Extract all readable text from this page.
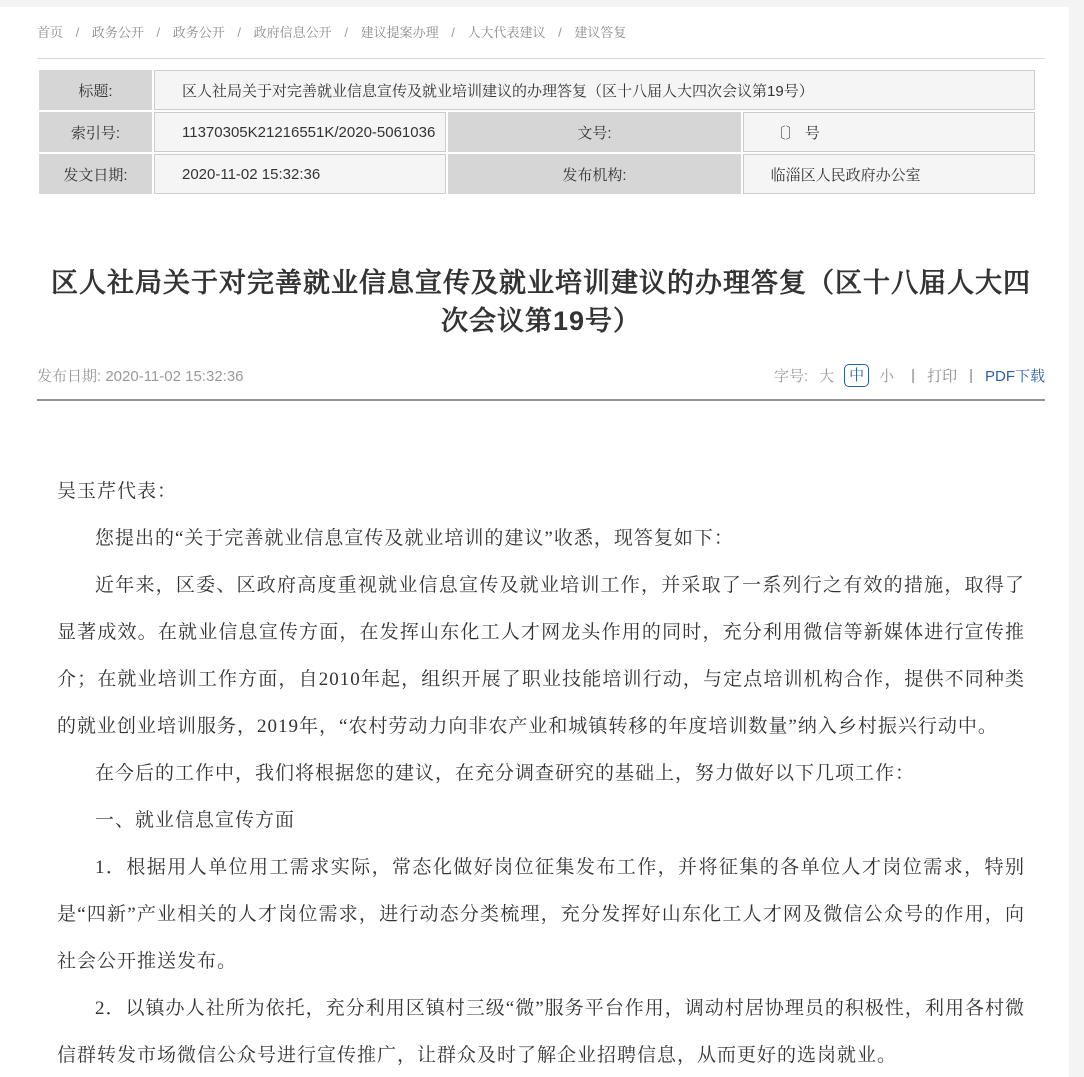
首页 / 政务公开 / 政务公开 / 政府信息公开 / 建议提案办理 / 人大代表建议 / 建议答复
标题:	区人社局关于对完善就业信息宣传及就业培训建议的办理答复（区十八届人大四次会议第19号）		
索引号:	11370305K21216551K/2020-5061036	文号:	〔〕 号
发文日期:	2020-11-02 15:32:36	发布机构:	临淄区人民政府办公室
区人社局关于对完善就业信息宣传及就业培训建议的办理答复（区十八届人大四次会议第19号）
发布日期: 2020-11-02 15:32:36	字号: 大	中	小 | 打印 | PDF下载

吴玉芹代表：

您提出的“关于完善就业信息宣传及就业培训的建议”收悉，现答复如下：

近年来，区委、区政府高度重视就业信息宣传及就业培训工作，并采取了一系列行之有效的措施，取得了显著成效。在就业信息宣传方面，在发挥山东化工人才网龙头作用的同时，充分利用微信等新媒体进行宣传推介；在就业培训工作方面，自2010年起，组织开展了职业技能培训行动，与定点培训机构合作，提供不同种类的就业创业培训服务，2019年，“农村劳动力向非农产业和城镇转移的年度培训数量”纳入乡村振兴行动中。

在今后的工作中，我们将根据您的建议，在充分调查研究的基础上，努力做好以下几项工作：

一、就业信息宣传方面

1．根据用人单位用工需求实际，常态化做好岗位征集发布工作，并将征集的各单位人才岗位需求，特别是“四新”产业相关的人才岗位需求，进行动态分类梳理，充分发挥好山东化工人才网及微信公众号的作用，向社会公开推送发布。

2．以镇办人社所为依托，充分利用区镇村三级“微”服务平台作用，调动村居协理员的积极性，利用各村微信群转发市场微信公众号进行宣传推广，让群众及时了解企业招聘信息，从而更好的选岗就业。
